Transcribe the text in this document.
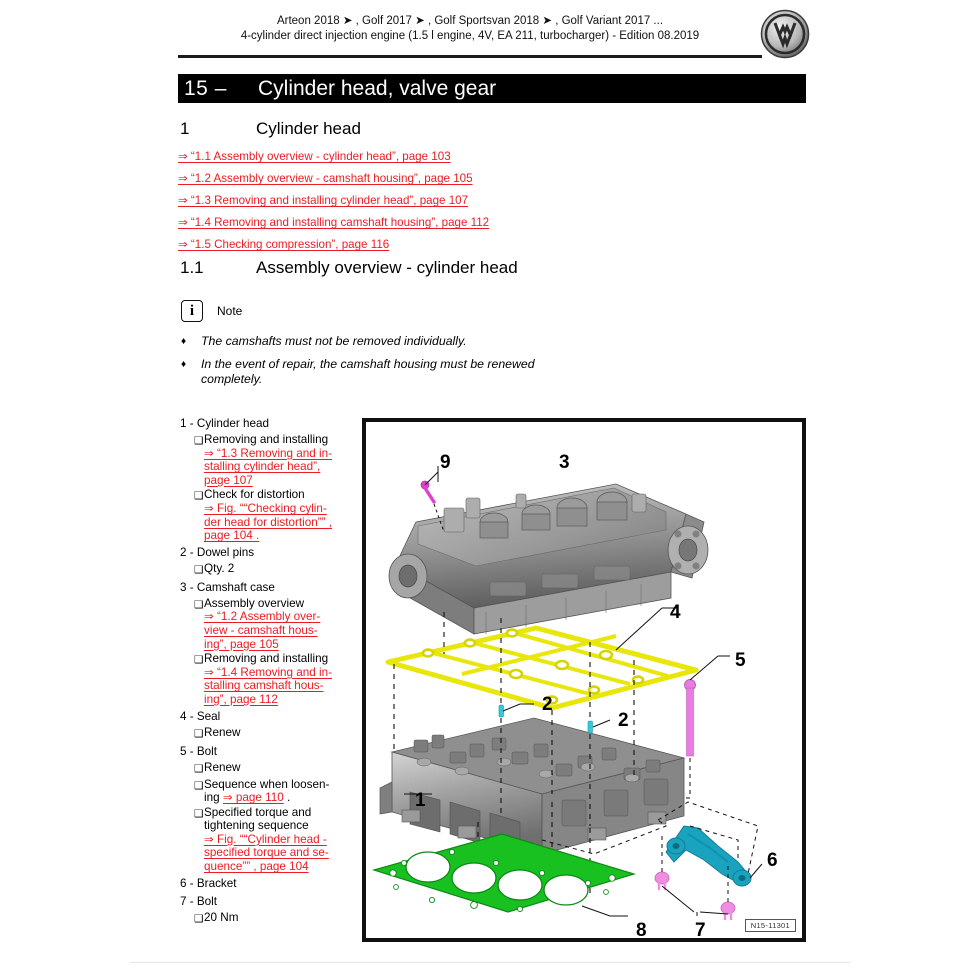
Arteon 2018 ➤ , Golf 2017 ➤ , Golf Sportsvan 2018 ➤ , Golf Variant 2017 ...
4-cylinder direct injection engine (1.5 l engine, 4V, EA 211, turbocharger) - Edition 08.2019
15 –	Cylinder head, valve gear
1	Cylinder head
⇒ “1.1 Assembly overview - cylinder head”, page 103
⇒ “1.2 Assembly overview - camshaft housing”, page 105
⇒ “1.3 Removing and installing cylinder head”, page 107
⇒ “1.4 Removing and installing camshaft housing”, page 112
⇒ “1.5 Checking compression”, page 116
1.1	Assembly overview - cylinder head
i Note
♦	The camshafts must not be removed individually.
♦	In the event of repair, the camshaft housing must be renewed completely.
1 - Cylinder head
❑ Removing and installing
⇒ “1.3 Removing and in-
stalling cylinder head”,
page 107
❑ Check for distortion
⇒ Fig. ““Checking cylin-
der head for distortion”” ,
page 104 .
2 - Dowel pins
❑ Qty. 2
3 - Camshaft case
❑ Assembly overview
⇒ “1.2 Assembly over-
view - camshaft hous-
ing”, page 105
❑ Removing and installing
⇒ “1.4 Removing and in-
stalling camshaft hous-
ing”, page 112
4 - Seal
❑ Renew
5 - Bolt
❑ Renew
❑ Sequence when loosen-
ing ⇒ page 110 .
❑ Specified torque and
tightening sequence
⇒ Fig. ““Cylinder head -
specified torque and se-
quence”” , page 104
6 - Bracket
7 - Bolt
❑ 20 Nm
N15-11301
9	3
4
5
2
2
1
6
7
8
